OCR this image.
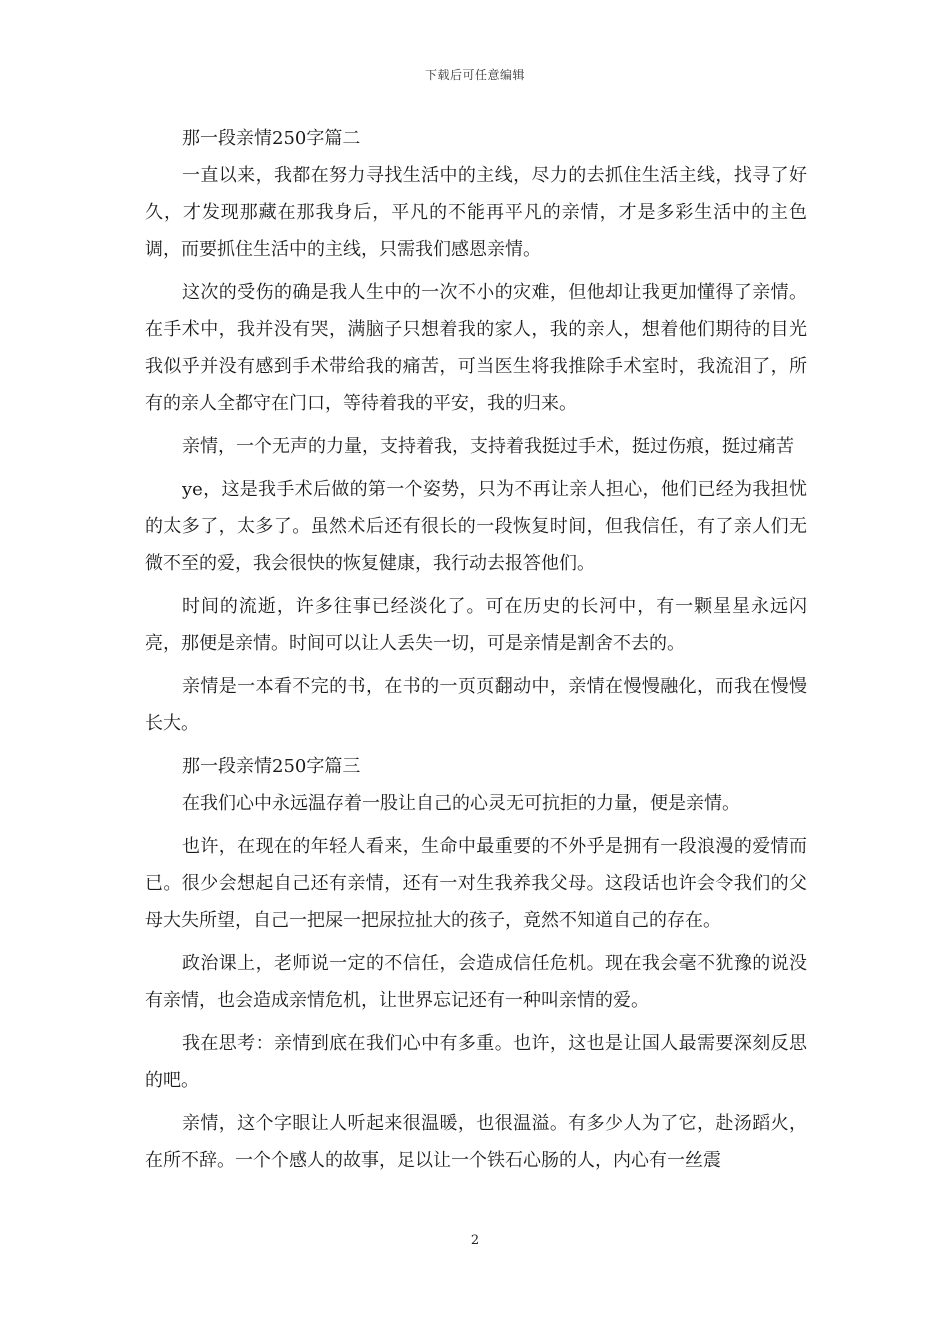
下载后可任意编辑
那一段亲情250字篇二

一直以来，我都在努力寻找生活中的主线，尽力的去抓住生活主线，找寻了好久，才发现那藏在那我身后，平凡的不能再平凡的亲情，才是多彩生活中的主色调，而要抓住生活中的主线，只需我们感恩亲情。

这次的受伤的确是我人生中的一次不小的灾难，但他却让我更加懂得了亲情。在手术中，我并没有哭，满脑子只想着我的家人，我的亲人，想着他们期待的目光我似乎并没有感到手术带给我的痛苦，可当医生将我推除手术室时，我流泪了，所有的亲人全都守在门口，等待着我的平安，我的归来。

亲情，一个无声的力量，支持着我，支持着我挺过手术，挺过伤痕，挺过痛苦

ye，这是我手术后做的第一个姿势，只为不再让亲人担心，他们已经为我担忧的太多了，太多了。虽然术后还有很长的一段恢复时间，但我信任，有了亲人们无微不至的爱，我会很快的恢复健康，我行动去报答他们。

时间的流逝，许多往事已经淡化了。可在历史的长河中，有一颗星星永远闪亮，那便是亲情。时间可以让人丢失一切，可是亲情是割舍不去的。

亲情是一本看不完的书，在书的一页页翻动中，亲情在慢慢融化，而我在慢慢长大。

那一段亲情250字篇三

在我们心中永远温存着一股让自己的心灵无可抗拒的力量，便是亲情。

也许，在现在的年轻人看来，生命中最重要的不外乎是拥有一段浪漫的爱情而已。很少会想起自己还有亲情，还有一对生我养我父母。这段话也许会令我们的父母大失所望，自己一把屎一把尿拉扯大的孩子，竟然不知道自己的存在。

政治课上，老师说一定的不信任，会造成信任危机。现在我会毫不犹豫的说没有亲情，也会造成亲情危机，让世界忘记还有一种叫亲情的爱。

我在思考：亲情到底在我们心中有多重。也许，这也是让国人最需要深刻反思的吧。

亲情，这个字眼让人听起来很温暖，也很温溢。有多少人为了它，赴汤蹈火，在所不辞。一个个感人的故事，足以让一个铁石心肠的人，内心有一丝震

2
